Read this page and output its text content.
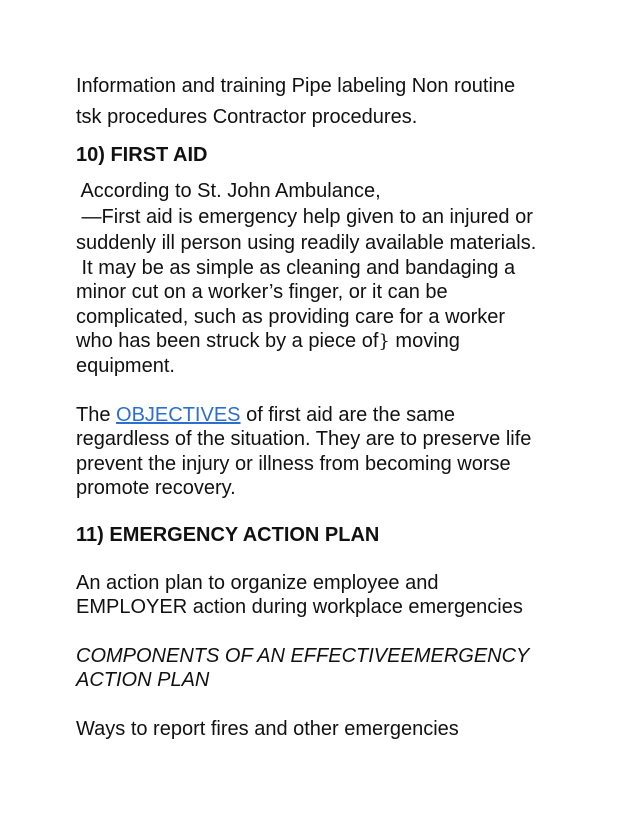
Information and training Pipe labeling Non routine
tsk procedures Contractor procedures.
10) FIRST AID
According to St. John Ambulance,
—First aid is emergency help given to an injured or
suddenly ill person using readily available materials.
It may be as simple as cleaning and bandaging a
minor cut on a worker’s finger, or it can be
complicated, such as providing care for a worker
who has been struck by a piece of} moving
equipment.
The OBJECTIVES of first aid are the same
regardless of the situation. They are to preserve life
prevent the injury or illness from becoming worse
promote recovery.
11) EMERGENCY ACTION PLAN
An action plan to organize employee and
EMPLOYER action during workplace emergencies
COMPONENTS OF AN EFFECTIVEEMERGENCY
ACTION PLAN
Ways to report fires and other emergencies
